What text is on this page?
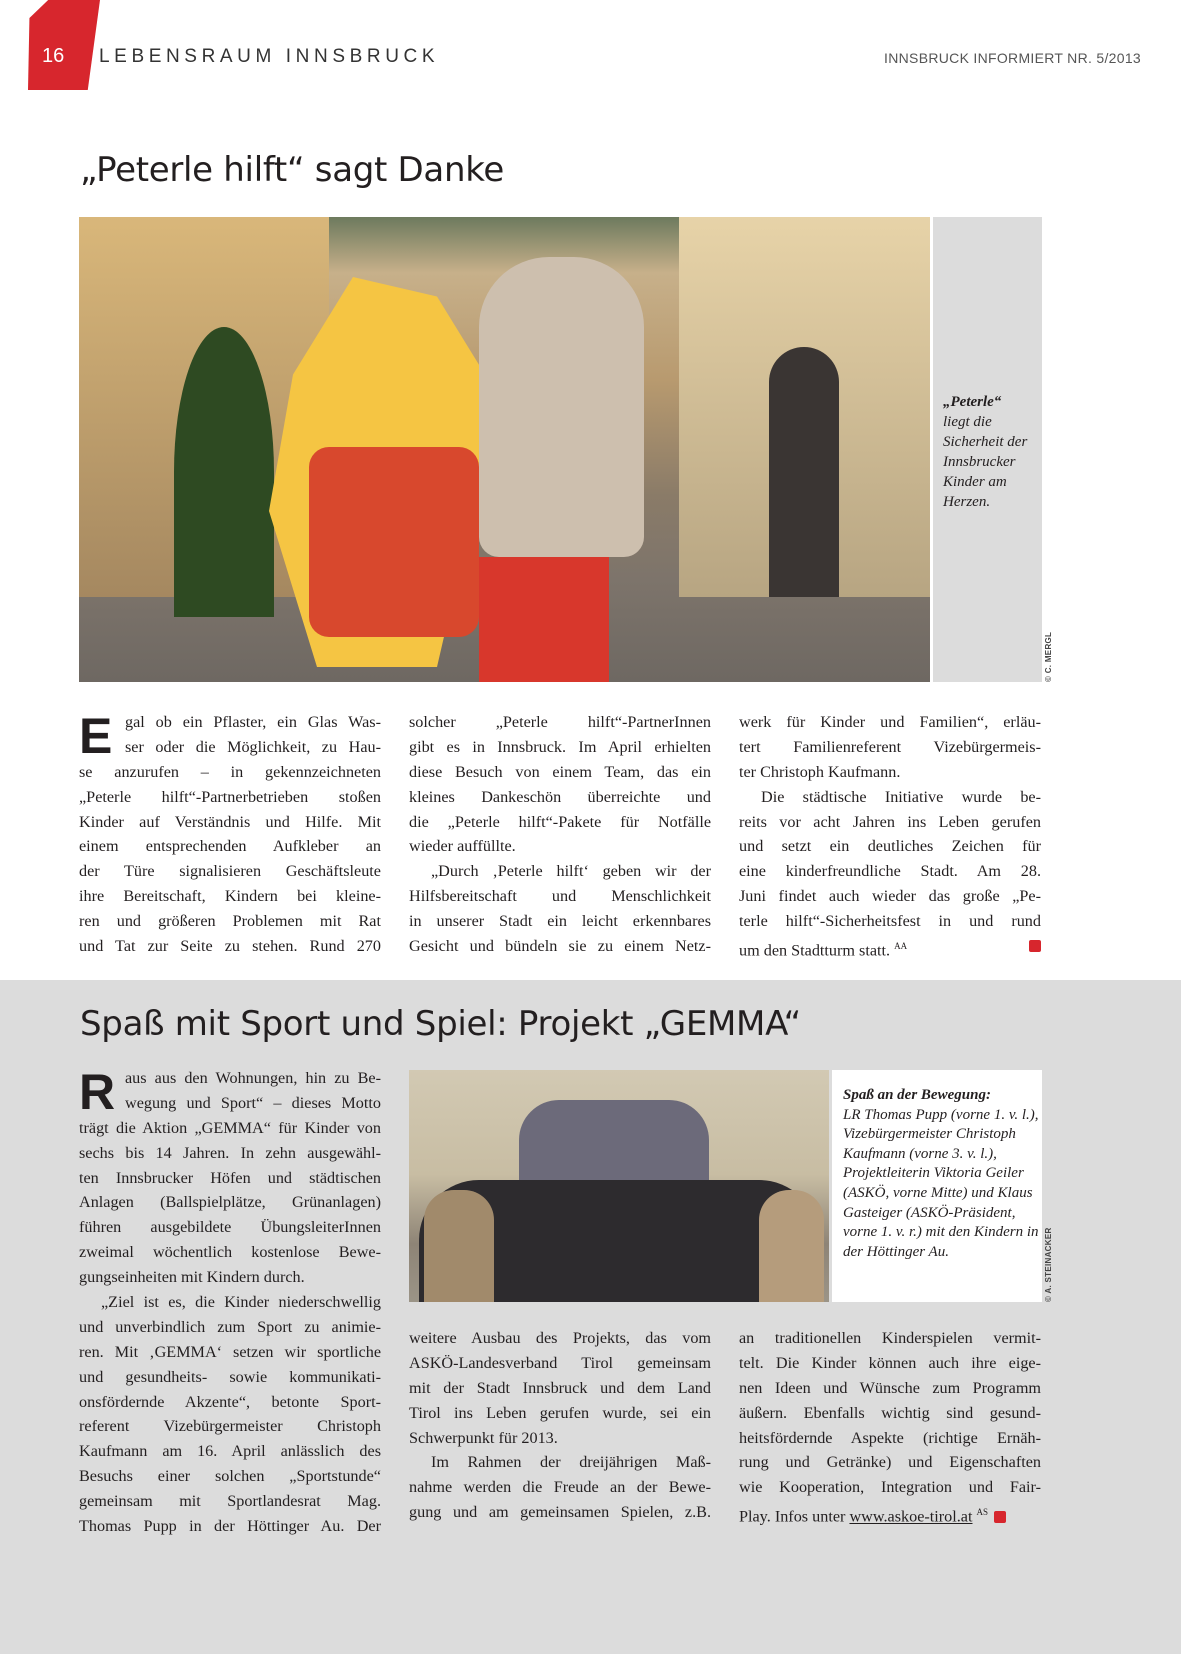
16 LEBENSRAUM INNSBRUCK	INNSBRUCK INFORMIERT NR. 5/2013
„Peterle hilft“ sagt Danke
„Peterle“
liegt die Sicherheit der Innsbrucker Kinder am Herzen.
© C. MERGL
E gal ob ein Pflaster, ein Glas Was-
ser oder die Möglichkeit, zu Hau-
se anzurufen – in gekennzeichneten
„Peterle hilft“-Partnerbetrieben stoßen
Kinder auf Verständnis und Hilfe. Mit
einem entsprechenden Aufkleber an
der Türe signalisieren Geschäftsleute
ihre Bereitschaft, Kindern bei kleine-
ren und größeren Problemen mit Rat
und Tat zur Seite zu stehen. Rund 270
solcher „Peterle hilft“-PartnerInnen
gibt es in Innsbruck. Im April erhielten
diese Besuch von einem Team, das ein
kleines Dankeschön überreichte und
die „Peterle hilft“-Pakete für Notfälle
wieder auffüllte.
„Durch ‚Peterle hilft‘ geben wir der
Hilfsbereitschaft und Menschlichkeit
in unserer Stadt ein leicht erkennbares
Gesicht und bündeln sie zu einem Netz-
werk für Kinder und Familien“, erläu-
tert Familienreferent Vizebürgermeis-
ter Christoph Kaufmann.
Die städtische Initiative wurde be-
reits vor acht Jahren ins Leben gerufen
und setzt ein deutliches Zeichen für
eine kinderfreundliche Stadt. Am 28.
Juni findet auch wieder das große „Pe-
terle hilft“-Sicherheitsfest in und rund
um den Stadtturm statt. $^{AA}$
Spaß mit Sport und Spiel: Projekt „GEMMA“
Spaß an der Bewegung:
LR Thomas Pupp (vorne 1. v. l.), Vizebürgermeister Christoph Kaufmann (vorne 3. v. l.), Projektleiterin Viktoria Geiler (ASKÖ, vorne Mitte) und Klaus Gasteiger (ASKÖ-Präsident, vorne 1. v. r.) mit den Kindern in der Höttinger Au.	© A. STEINACKER
R aus aus den Wohnungen, hin zu Be-
wegung und Sport“ – dieses Motto
trägt die Aktion „GEMMA“ für Kinder von
sechs bis 14 Jahren. In zehn ausgewähl-
ten Innsbrucker Höfen und städtischen
Anlagen (Ballspielplätze, Grünanlagen)
führen ausgebildete ÜbungsleiterInnen
zweimal wöchentlich kostenlose Bewe-
gungseinheiten mit Kindern durch.
„Ziel ist es, die Kinder niederschwellig
und unverbindlich zum Sport zu animie-
ren. Mit ‚GEMMA‘ setzen wir sportliche
und gesundheits- sowie kommunikati-
onsfördernde Akzente“, betonte Sport-
referent Vizebürgermeister Christoph
Kaufmann am 16. April anlässlich des
Besuchs einer solchen „Sportstunde“
gemeinsam mit Sportlandesrat Mag.
Thomas Pupp in der Höttinger Au. Der
weitere Ausbau des Projekts, das vom
ASKÖ-Landesverband Tirol gemeinsam
mit der Stadt Innsbruck und dem Land
Tirol ins Leben gerufen wurde, sei ein
Schwerpunkt für 2013.
Im Rahmen der dreijährigen Maß-
nahme werden die Freude an der Bewe-
gung und am gemeinsamen Spielen, z.B.
an traditionellen Kinderspielen vermit-
telt. Die Kinder können auch ihre eige-
nen Ideen und Wünsche zum Programm
äußern. Ebenfalls wichtig sind gesund-
heitsfördernde Aspekte (richtige Ernäh-
rung und Getränke) und Eigenschaften
wie Kooperation, Integration und Fair-
Play. Infos unter www.askoe-tirol.at $^{AS}$
